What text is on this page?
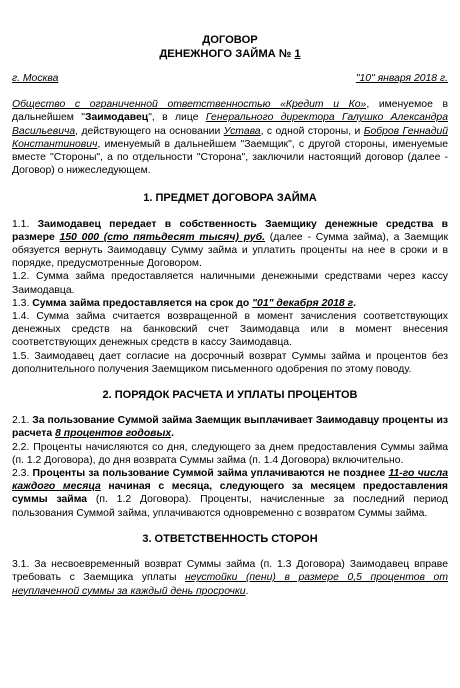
ДОГОВОР
ДЕНЕЖНОГО ЗАЙМА № 1
г. Москва	"10" января 2018 г.

Общество с ограниченной ответственностью «Кредит и Ко», именуемое в дальнейшем "Заимодавец", в лице Генерального директора Галушко Александра Васильевича, действующего на основании Устава, с одной стороны, и Бобров Геннадий Константинович, именуемый в дальнейшем "Заемщик", с другой стороны, именуемые вместе "Стороны", а по отдельности "Сторона", заключили настоящий договор (далее - Договор) о нижеследующем.

1. ПРЕДМЕТ ДОГОВОРА ЗАЙМА

1.1. Заимодавец передает в собственность Заемщику денежные средства в размере 150 000 (сто пятьдесят тысяч) руб. (далее - Сумма займа), а Заемщик обязуется вернуть Заимодавцу Сумму займа и уплатить проценты на нее в сроки и в порядке, предусмотренные Договором.

1.2. Сумма займа предоставляется наличными денежными средствами через кассу Заимодавца.

1.3. Сумма займа предоставляется на срок до "01" декабря 2018 г.

1.4. Сумма займа считается возвращенной в момент зачисления соответствующих денежных средств на банковский счет Заимодавца или в момент внесения соответствующих денежных средств в кассу Заимодавца.

1.5. Заимодавец дает согласие на досрочный возврат Суммы займа и процентов без дополнительного получения Заемщиком письменного одобрения по этому поводу.

2. ПОРЯДОК РАСЧЕТА И УПЛАТЫ ПРОЦЕНТОВ

2.1. За пользование Суммой займа Заемщик выплачивает Заимодавцу проценты из расчета 8 процентов годовых.

2.2. Проценты начисляются со дня, следующего за днем предоставления Суммы займа (п. 1.2 Договора), до дня возврата Суммы займа (п. 1.4 Договора) включительно.

2.3. Проценты за пользование Суммой займа уплачиваются не позднее 11-го числа каждого месяца начиная с месяца, следующего за месяцем предоставления суммы займа (п. 1.2 Договора). Проценты, начисленные за последний период пользования Суммой займа, уплачиваются одновременно с возвратом Суммы займа.

3. ОТВЕТСТВЕННОСТЬ СТОРОН

3.1. За несвоевременный возврат Суммы займа (п. 1.3 Договора) Заимодавец вправе требовать с Заемщика уплаты неустойки (пени) в размере 0,5 процентов от неуплаченной суммы за каждый день просрочки.
